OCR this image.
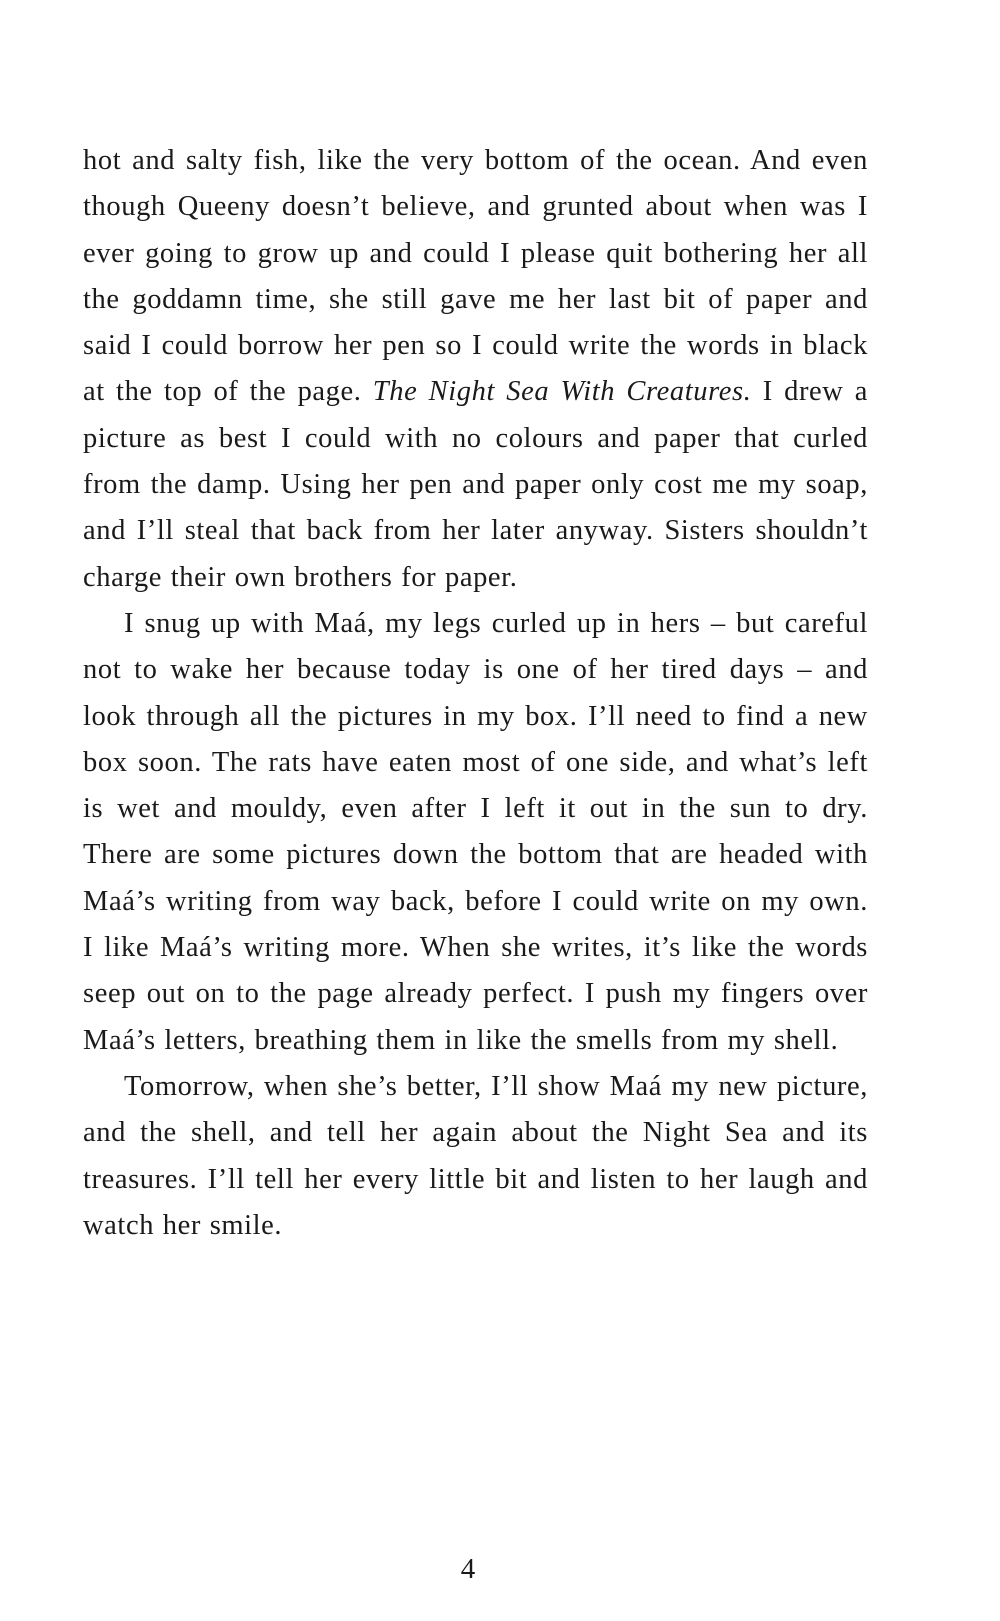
hot and salty fish, like the very bottom of the ocean. And even though Queeny doesn’t believe, and grunted about when was I ever going to grow up and could I please quit bothering her all the goddamn time, she still gave me her last bit of paper and said I could borrow her pen so I could write the words in black at the top of the page. The Night Sea With Creatures. I drew a picture as best I could with no colours and paper that curled from the damp. Using her pen and paper only cost me my soap, and I’ll steal that back from her later anyway. Sisters shouldn’t charge their own brothers for paper.

I snug up with Maá, my legs curled up in hers – but careful not to wake her because today is one of her tired days – and look through all the pictures in my box. I’ll need to find a new box soon. The rats have eaten most of one side, and what’s left is wet and mouldy, even after I left it out in the sun to dry. There are some pictures down the bottom that are headed with Maá’s writing from way back, before I could write on my own. I like Maá’s writing more. When she writes, it’s like the words seep out on to the page already perfect. I push my fingers over Maá’s letters, breathing them in like the smells from my shell.

Tomorrow, when she’s better, I’ll show Maá my new picture, and the shell, and tell her again about the Night Sea and its treasures. I’ll tell her every little bit and listen to her laugh and watch her smile.

4
